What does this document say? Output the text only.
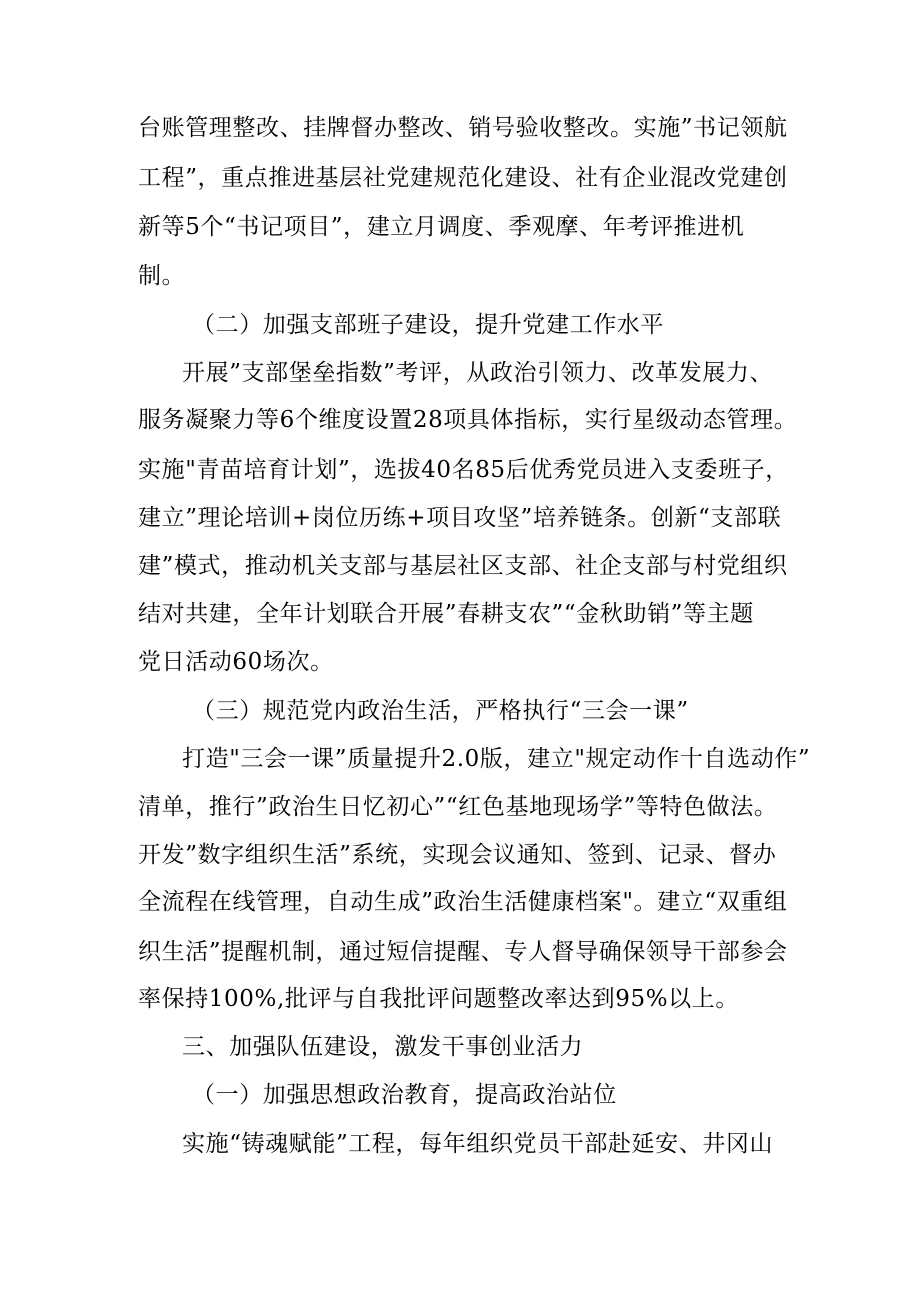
台账管理整改、挂牌督办整改、销号验收整改。实施”书记领航
工程”，重点推进基层社党建规范化建设、社有企业混改党建创
新等5个“书记项目”，建立月调度、季观摩、年考评推进机
制。
（二）加强支部班子建设，提升党建工作水平
开展”支部堡垒指数”考评，从政治引领力、改革发展力、
服务凝聚力等6个维度设置28项具体指标，实行星级动态管理。
实施"青苗培育计划”，选拔40名85后优秀党员进入支委班子，
建立”理论培训+岗位历练+项目攻坚”培养链条。创新“支部联
建”模式，推动机关支部与基层社区支部、社企支部与村党组织
结对共建，全年计划联合开展”春耕支农”“金秋助销”等主题
党日活动60场次。
（三）规范党内政治生活，严格执行“三会一课”
打造"三会一课”质量提升2.0版，建立"规定动作十自选动作”
清单，推行”政治生日忆初心”“红色基地现场学”等特色做法。
开发”数字组织生活”系统，实现会议通知、签到、记录、督办
全流程在线管理，自动生成”政治生活健康档案"。建立“双重组
织生活”提醒机制，通过短信提醒、专人督导确保领导干部参会
率保持100%,批评与自我批评问题整改率达到95%以上。
三、加强队伍建设，激发干事创业活力
（一）加强思想政治教育，提高政治站位
实施“铸魂赋能”工程，每年组织党员干部赴延安、井冈山
